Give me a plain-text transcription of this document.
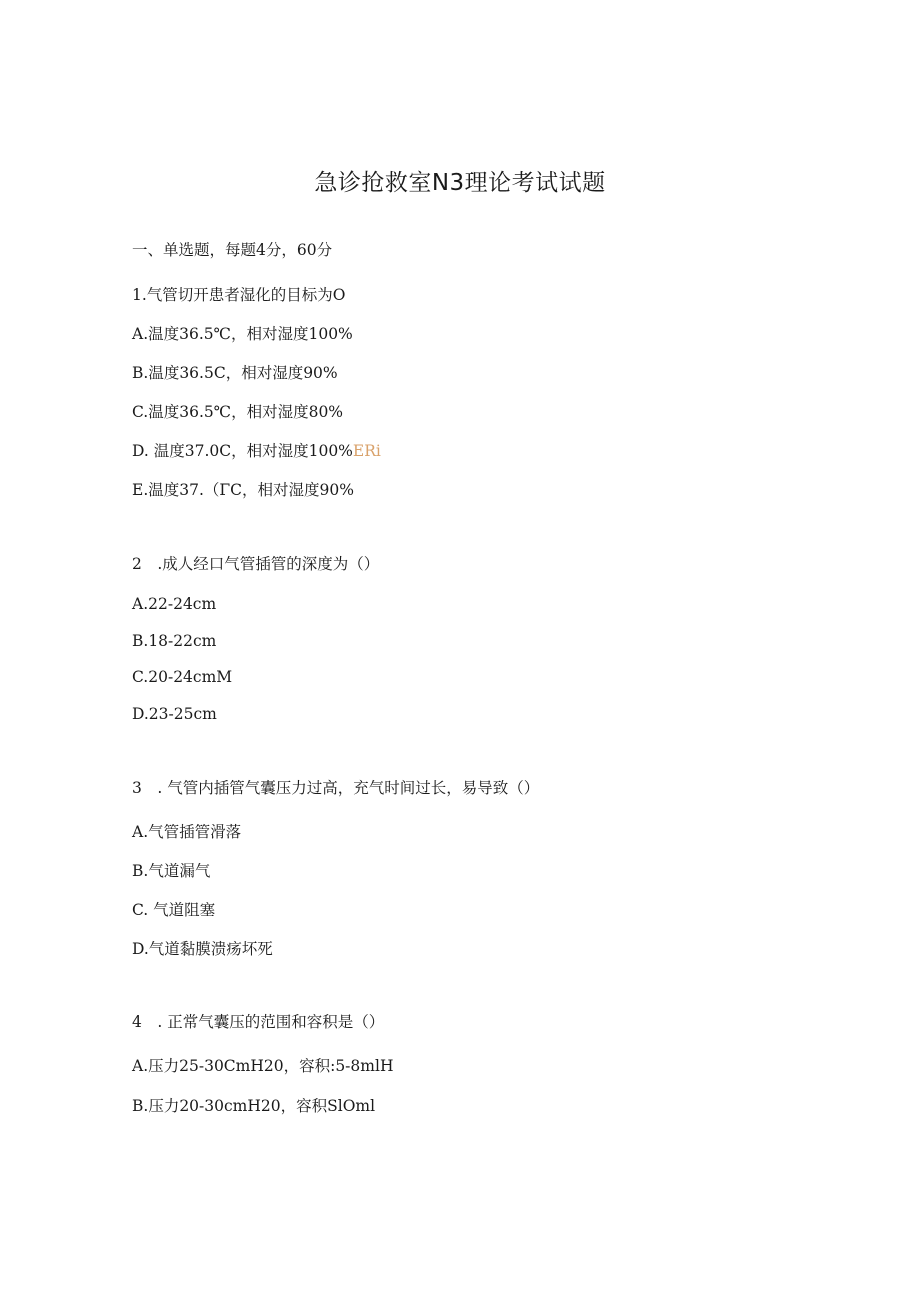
急诊抢救室N3理论考试试题
一、单选题，每题4分，60分
1.气管切开患者湿化的目标为O
A.温度36.5℃，相对湿度100%
B.温度36.5C，相对湿度90%
C.温度36.5℃，相对湿度80%
D. 温度37.0C，相对湿度100%ERi
E.温度37.（ΓC，相对湿度90%
2　.成人经口气管插管的深度为（）
A.22-24cm
B.18-22cm
C.20-24cmM
D.23-25cm
3　. 气管内插管气囊压力过高，充气时间过长，易导致（）
A.气管插管滑落
B.气道漏气
C. 气道阻塞
D.气道黏膜溃疡坏死
4　. 正常气囊压的范围和容积是（）
A.压力25-30CmH20，容积:5-8mlH
B.压力20-30cmH20，容积SlOml
